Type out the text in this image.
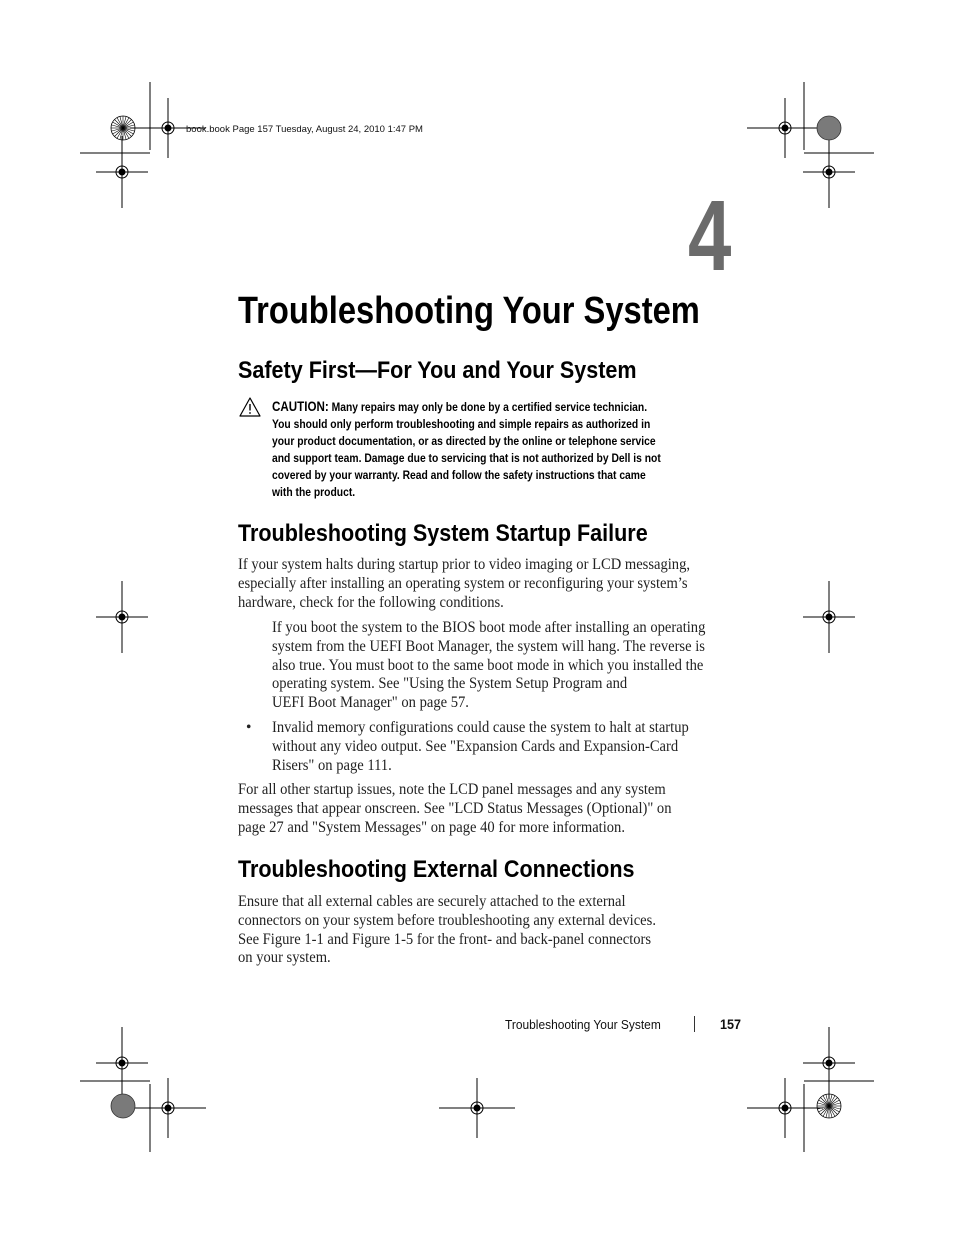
book.book Page 157 Tuesday, August 24, 2010 1:47 PM
4
Troubleshooting Your System
Safety First—For You and Your System
CAUTION: Many repairs may only be done by a certified service technician.
You should only perform troubleshooting and simple repairs as authorized in
your product documentation, or as directed by the online or telephone service
and support team. Damage due to servicing that is not authorized by Dell is not
covered by your warranty. Read and follow the safety instructions that came
with the product.
Troubleshooting System Startup Failure
If your system halts during startup prior to video imaging or LCD messaging,
especially after installing an operating system or reconfiguring your system’s
hardware, check for the following conditions.
If you boot the system to the BIOS boot mode after installing an operating
system from the UEFI Boot Manager, the system will hang. The reverse is
also true. You must boot to the same boot mode in which you installed the
operating system. See "Using the System Setup Program and
UEFI Boot Manager" on page 57.
• Invalid memory configurations could cause the system to halt at startup
without any video output. See "Expansion Cards and Expansion-Card
Risers" on page 111.
For all other startup issues, note the LCD panel messages and any system
messages that appear onscreen. See "LCD Status Messages (Optional)" on
page 27 and "System Messages" on page 40 for more information.
Troubleshooting External Connections
Ensure that all external cables are securely attached to the external
connectors on your system before troubleshooting any external devices.
See Figure 1-1 and Figure 1-5 for the front- and back-panel connectors
on your system.
Troubleshooting Your System	157
